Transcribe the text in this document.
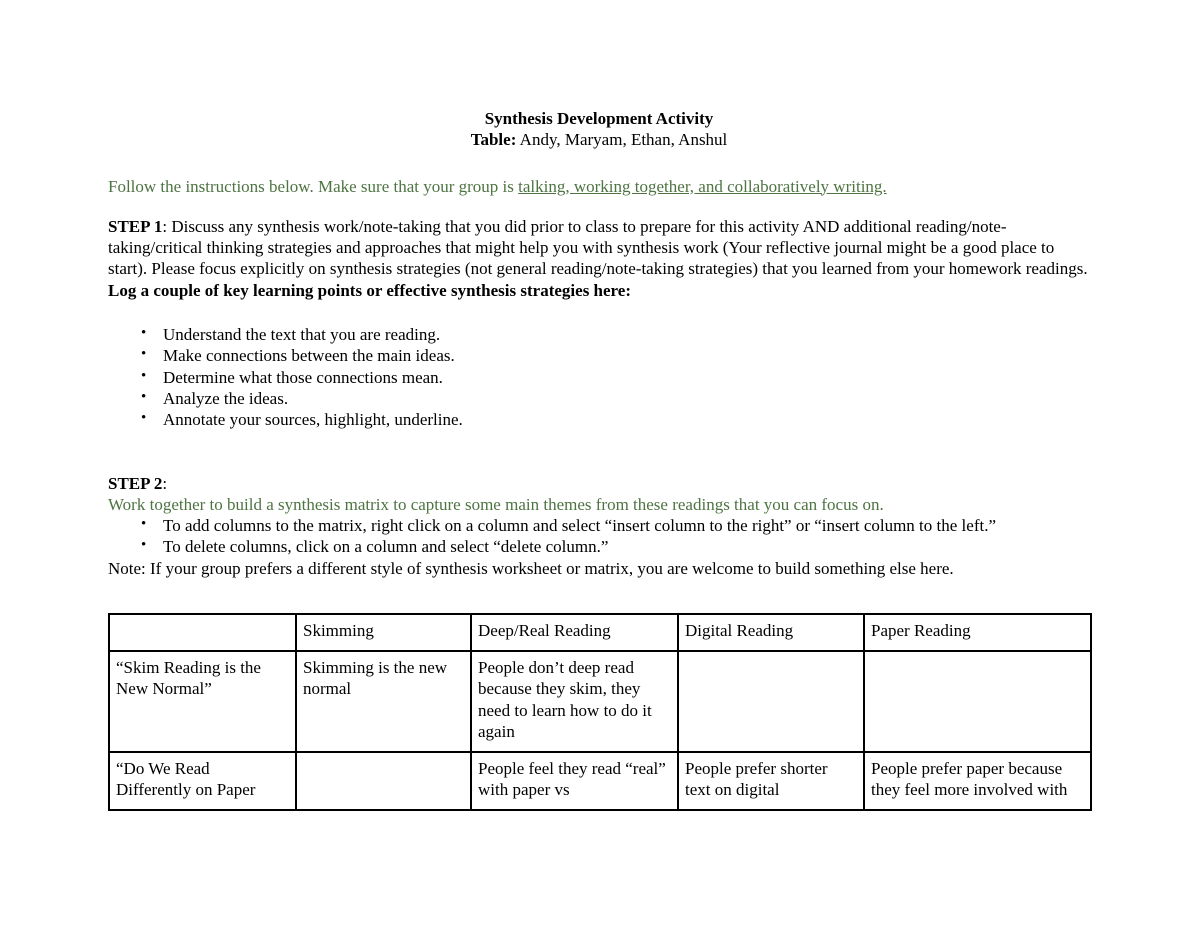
Synthesis Development Activity
Table: Andy, Maryam, Ethan, Anshul

Follow the instructions below. Make sure that your group is talking, working together, and collaboratively writing.

STEP 1: Discuss any synthesis work/note-taking that you did prior to class to prepare for this activity AND additional reading/note-taking/critical thinking strategies and approaches that might help you with synthesis work (Your reflective journal might be a good place to start). Please focus explicitly on synthesis strategies (not general reading/note-taking strategies) that you learned from your homework readings. Log a couple of key learning points or effective synthesis strategies here:

• Understand the text that you are reading.
• Make connections between the main ideas.
• Determine what those connections mean.
• Analyze the ideas.
• Annotate your sources, highlight, underline.

STEP 2:

Work together to build a synthesis matrix to capture some main themes from these readings that you can focus on.

• To add columns to the matrix, right click on a column and select “insert column to the right” or “insert column to the left.”
• To delete columns, click on a column and select “delete column.”

Note: If your group prefers a different style of synthesis worksheet or matrix, you are welcome to build something else here.

	Skimming	Deep/Real Reading	Digital Reading	Paper Reading
“Skim Reading is the New Normal”	Skimming is the new normal	People don’t deep read because they skim, they need to learn how to do it again		

“Do We Read Differently on Paper		People feel they read “real” with paper vs	People prefer shorter text on digital	People prefer paper because they feel more involved with
